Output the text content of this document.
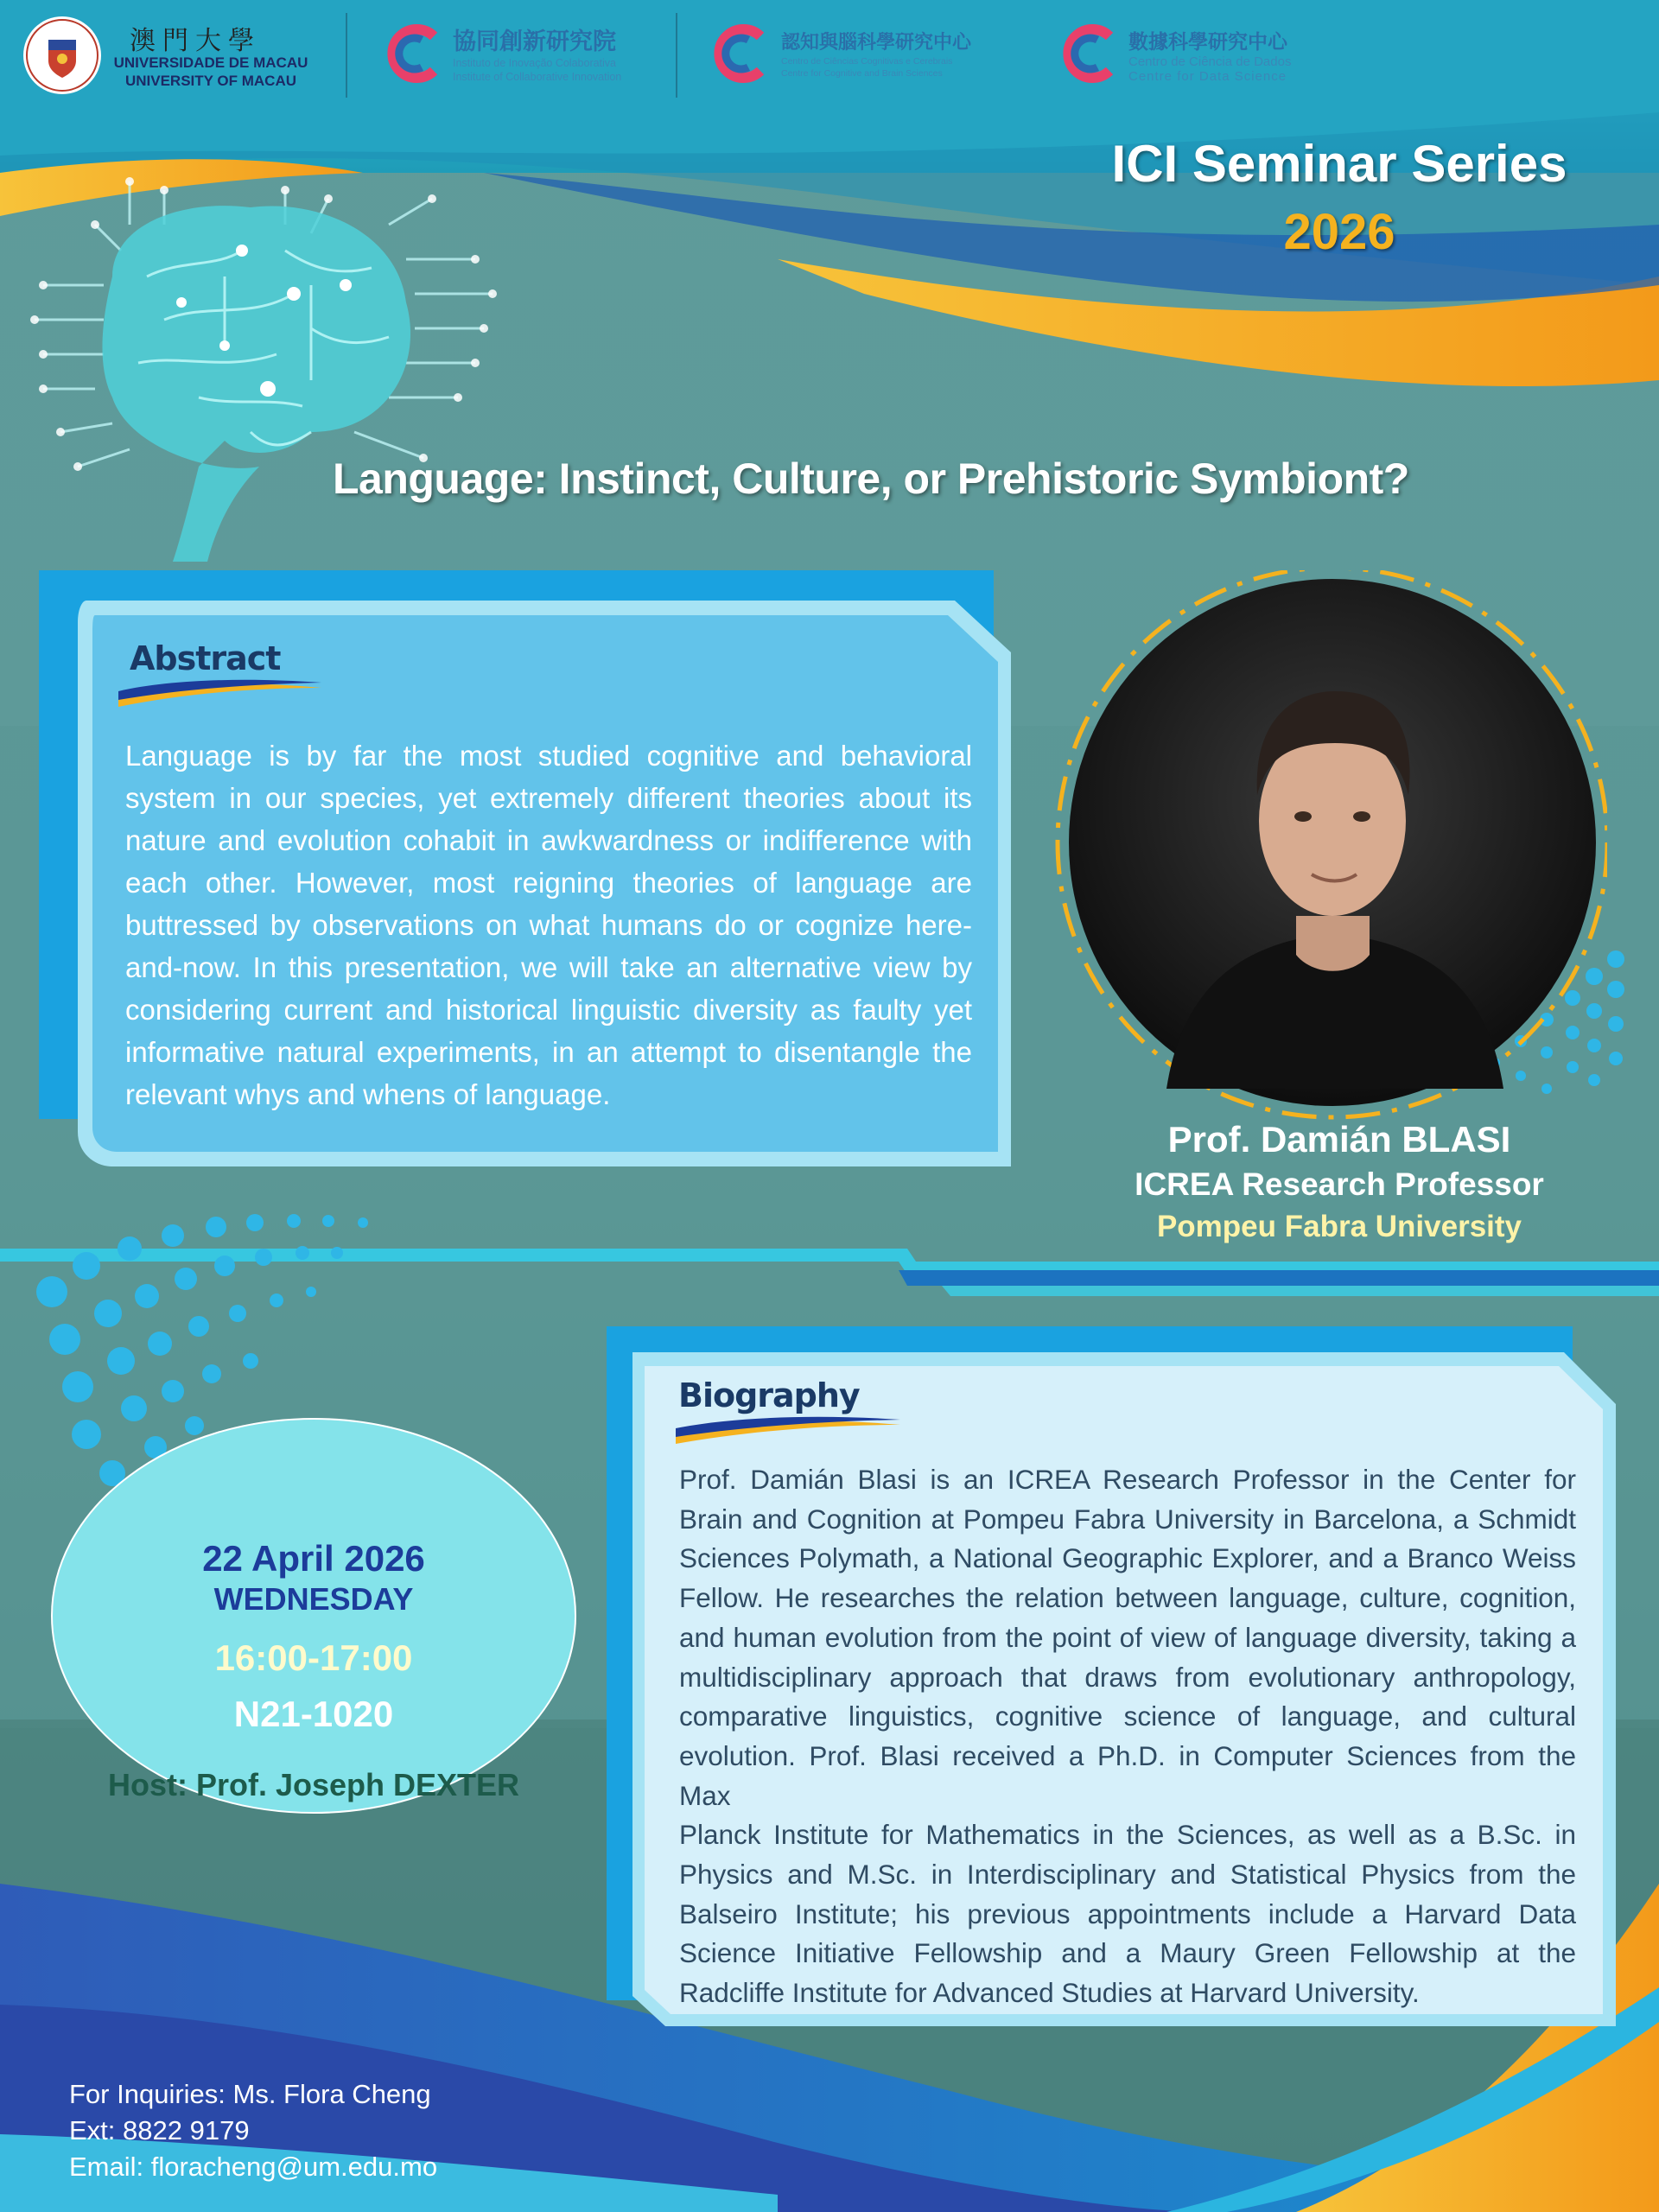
澳門大學
UNIVERSIDADE DE MACAU
UNIVERSITY OF MACAU
協同創新研究院
Instituto de Inovação Colaborativa
Institute of Collaborative Innovation
認知與腦科學研究中心
Centro de Ciências Cognitivas e Cerebrais
Centre for Cognitive and Brain Sciences
數據科學研究中心
Centro de Ciência de Dados
Centre for Data Science
ICI Seminar Series
2026
Language: Instinct, Culture, or Prehistoric Symbiont?
Abstract
Language is by far the most studied cognitive and behavioral
system in our species, yet extremely different theories about its
nature and evolution cohabit in awkwardness or indifference with
each other. However, most reigning theories of language are
buttressed by observations on what humans do or cognize here-
and-now. In this presentation, we will take an alternative view by
considering current and historical linguistic diversity as faulty yet
informative natural experiments, in an attempt to disentangle the
relevant whys and whens of language.
Prof. Damián BLASI
ICREA Research Professor
Pompeu Fabra University
22 April 2026
WEDNESDAY
16:00-17:00
N21-1020
Host: Prof. Joseph DEXTER
Biography
Prof. Damián Blasi is an ICREA Research Professor in the Center for
Brain and Cognition at Pompeu Fabra University in Barcelona, a Schmidt
Sciences Polymath, a National Geographic Explorer, and a Branco Weiss
Fellow. He researches the relation between language, culture, cognition,
and human evolution from the point of view of language diversity, taking a
multidisciplinary approach that draws from evolutionary anthropology,
comparative linguistics, cognitive science of language, and cultural
evolution. Prof. Blasi received a Ph.D. in Computer Sciences from the Max
Planck Institute for Mathematics in the Sciences, as well as a B.Sc. in
Physics and M.Sc. in Interdisciplinary and Statistical Physics from the
Balseiro Institute; his previous appointments include a Harvard Data
Science Initiative Fellowship and a Maury Green Fellowship at the
Radcliffe Institute for Advanced Studies at Harvard University.
For Inquiries: Ms. Flora Cheng
Ext: 8822 9179
Email: floracheng@um.edu.mo
